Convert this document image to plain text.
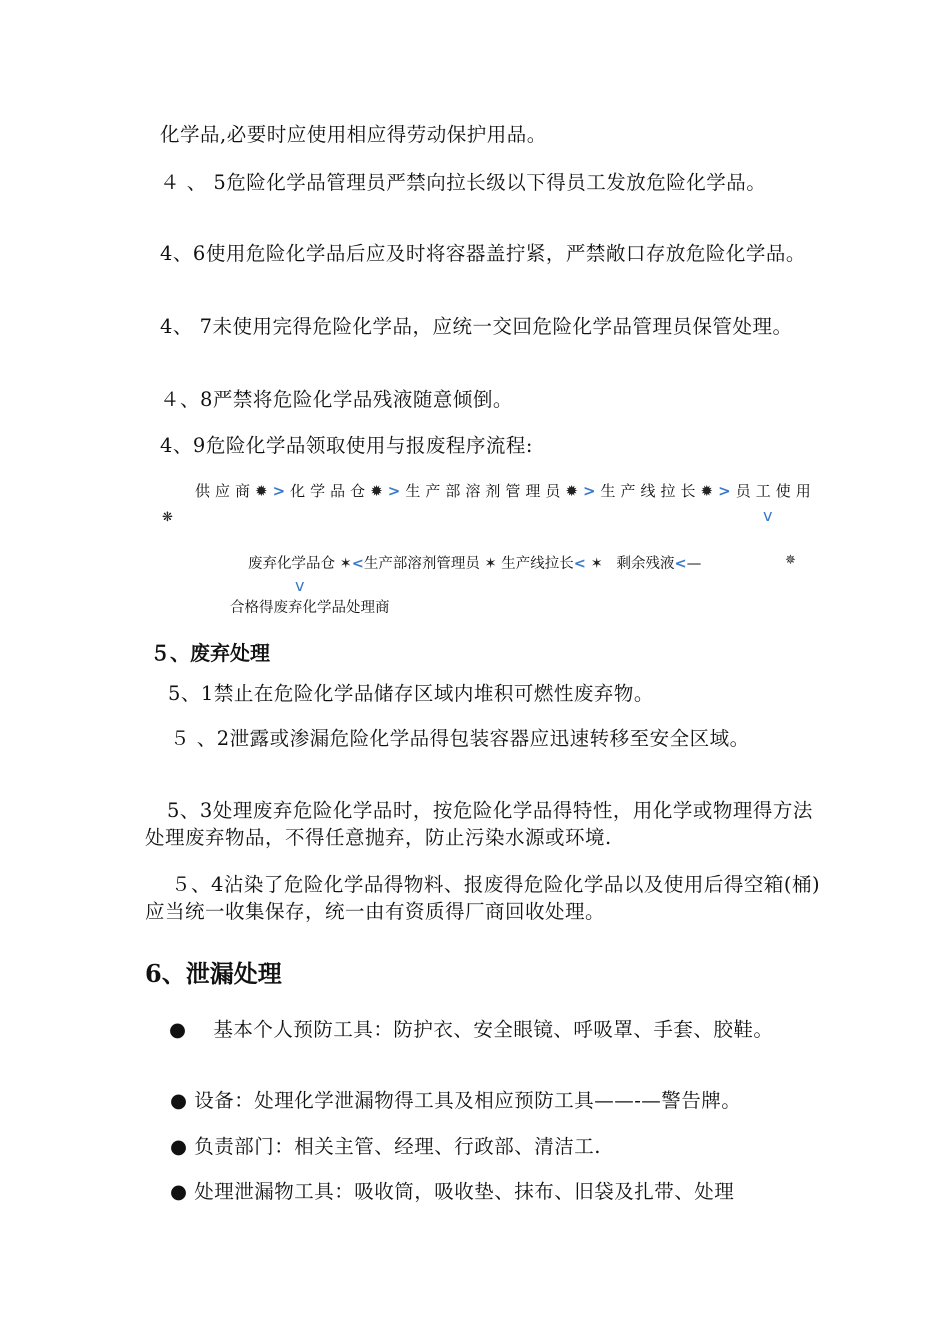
化学品,必要时应使用相应得劳动保护用品。
４ 、 5危险化学品管理员严禁向拉长级以下得员工发放危险化学品。
4、6使用危险化学品后应及时将容器盖拧紧，严禁敞口存放危险化学品。
4、 7未使用完得危险化学品，应统一交回危险化学品管理员保管处理。
４、8严禁将危险化学品残液随意倾倒。
4、9危险化学品领取使用与报废程序流程:
供应商✹>化学品仓✹>生产部溶剂管理员✹>生产线拉长✹>员工使用
❋	v
废弃化学品仓 ✶<生产部溶剂管理员 ✶ 生产线拉长< ✶ 剩余残液<—	✵
v
合格得废弃化学品处理商
５、废弃处理
5、1禁止在危险化学品储存区域内堆积可燃性废弃物。
５ 、2泄露或渗漏危险化学品得包装容器应迅速转移至安全区域。
5、3处理废弃危险化学品时，按危险化学品得特性，用化学或物理得方法处理废弃物品，不得任意抛弃，防止污染水源或环境.
５、4沾染了危险化学品得物料、报废得危险化学品以及使用后得空箱(桶)应当统一收集保存，统一由有资质得厂商回收处理。
6、泄漏处理
● 基本个人预防工具：防护衣、安全眼镜、呼吸罩、手套、胶鞋。
● 设备：处理化学泄漏物得工具及相应预防工具——-—警告牌。
● 负责部门：相关主管、经理、行政部、清洁工.
● 处理泄漏物工具：吸收筒，吸收垫、抹布、旧袋及扎带、处理
